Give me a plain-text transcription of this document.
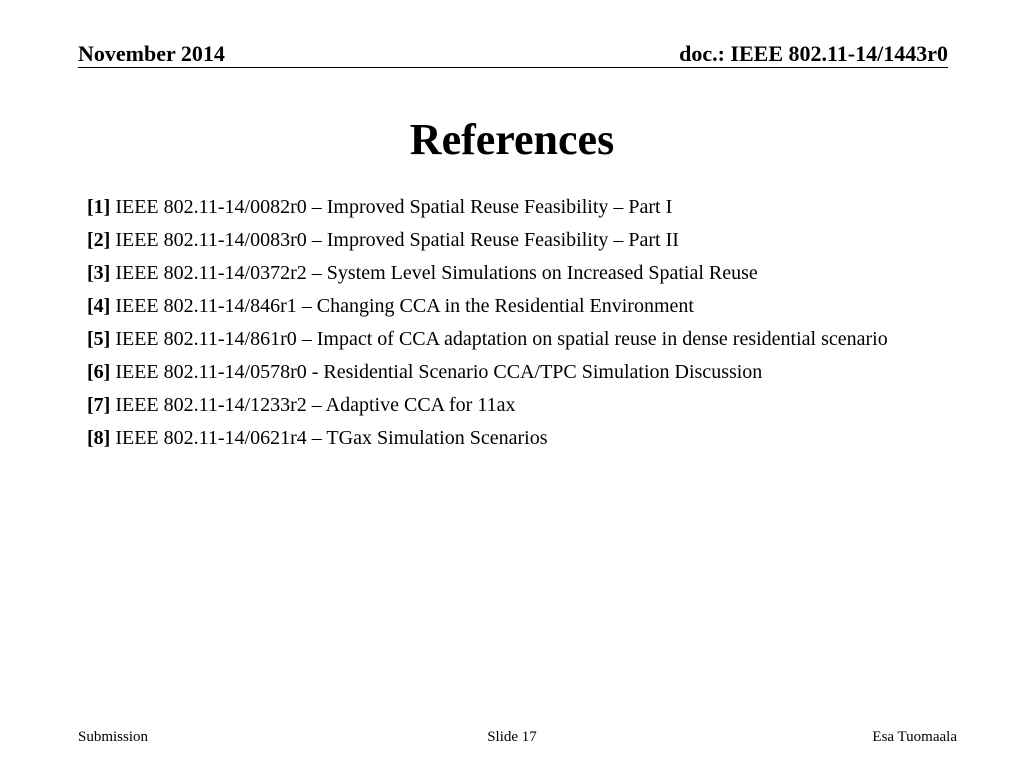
November 2014	doc.: IEEE 802.11-14/1443r0
References
[1] IEEE 802.11-14/0082r0 – Improved Spatial Reuse Feasibility – Part I
[2] IEEE 802.11-14/0083r0 – Improved Spatial Reuse Feasibility – Part II
[3] IEEE 802.11-14/0372r2 – System Level Simulations on Increased Spatial Reuse
[4] IEEE 802.11-14/846r1 – Changing CCA in the Residential Environment
[5] IEEE 802.11-14/861r0 – Impact of CCA adaptation on spatial reuse in dense residential scenario
[6] IEEE 802.11-14/0578r0 - Residential Scenario CCA/TPC Simulation Discussion
[7] IEEE 802.11-14/1233r2 – Adaptive CCA for 11ax
[8] IEEE 802.11-14/0621r4 – TGax Simulation Scenarios
Submission	Slide 17	Esa Tuomaala
